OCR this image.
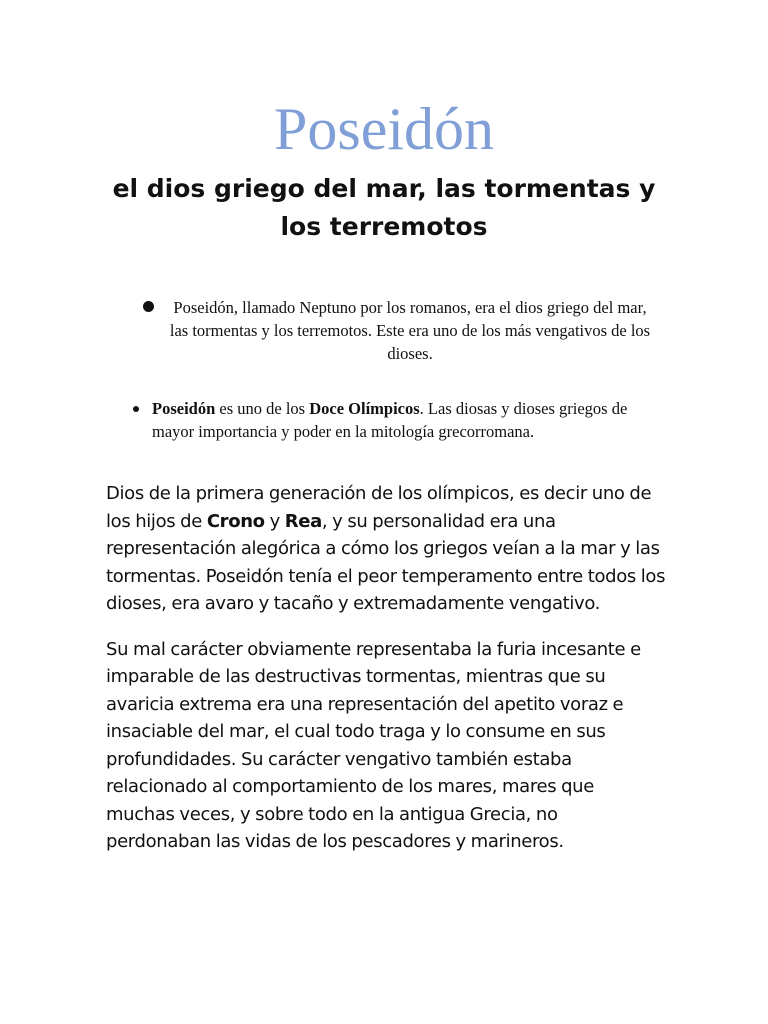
Poseidón
el dios griego del mar, las tormentas y los terremotos
Poseidón, llamado Neptuno por los romanos, era el dios griego del mar, las tormentas y los terremotos. Este era uno de los más vengativos de los dioses.
Poseidón es uno de los Doce Olímpicos. Las diosas y dioses griegos de mayor importancia y poder en la mitología grecorromana.

Dios de la primera generación de los olímpicos, es decir uno de los hijos de Crono y Rea, y su personalidad era una representación alegórica a cómo los griegos veían a la mar y las tormentas. Poseidón tenía el peor temperamento entre todos los dioses, era avaro y tacaño y extremadamente vengativo.

Su mal carácter obviamente representaba la furia incesante e imparable de las destructivas tormentas, mientras que su avaricia extrema era una representación del apetito voraz e insaciable del mar, el cual todo traga y lo consume en sus profundidades. Su carácter vengativo también estaba relacionado al comportamiento de los mares, mares que muchas veces, y sobre todo en la antigua Grecia, no perdonaban las vidas de los pescadores y marineros.
